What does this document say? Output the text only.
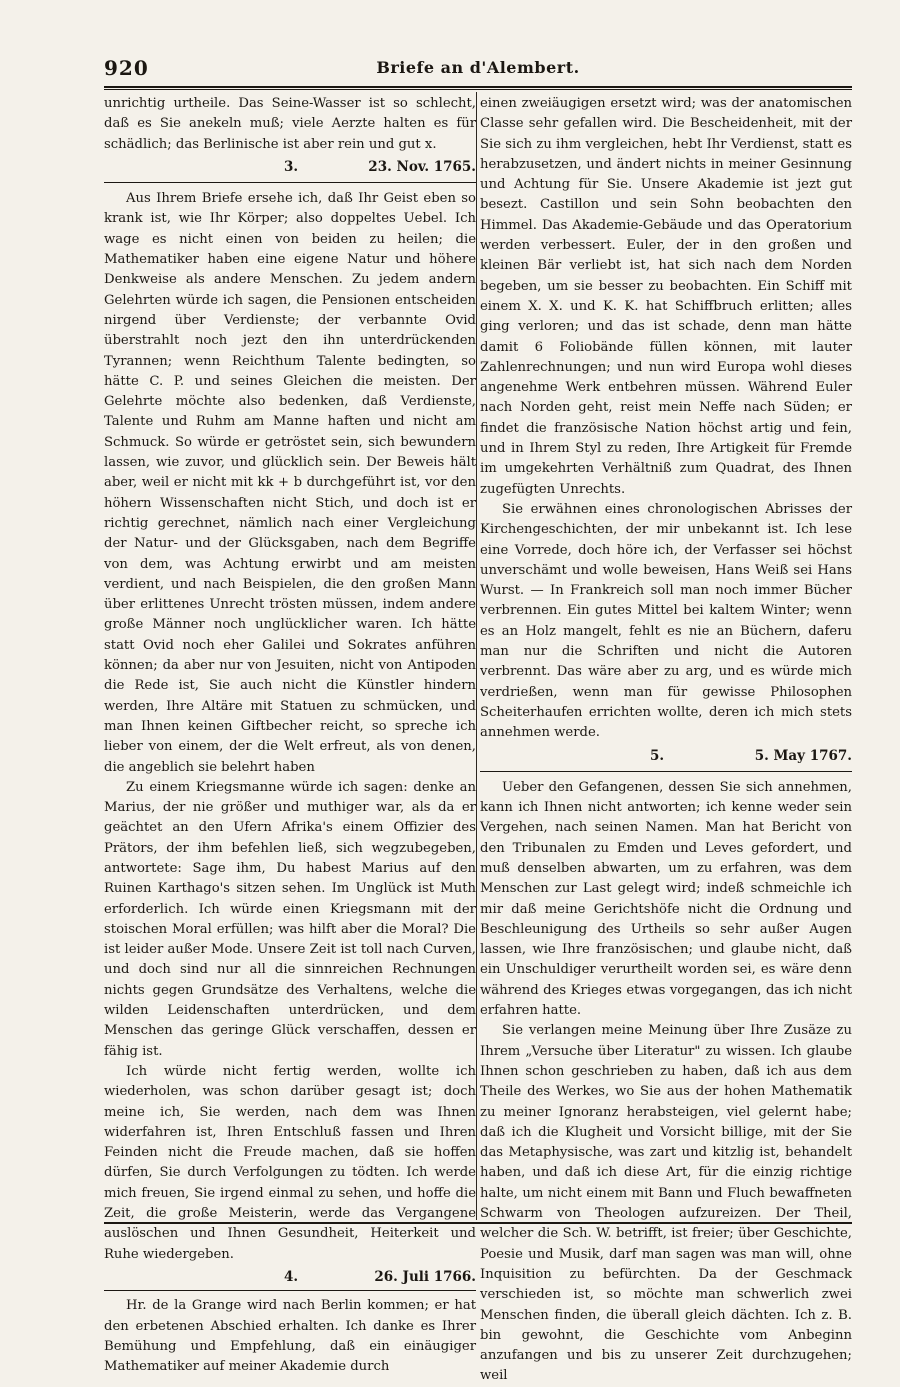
920	Briefe an d'Alembert.

unrichtig urtheile. Das Seine-Wasser ist so schlecht, daß es Sie anekeln muß; viele Aerzte halten es für schädlich; das Berlinische ist aber rein und gut x.

3.	23. Nov. 1765.

Aus Ihrem Briefe ersehe ich, daß Ihr Geist eben so krank ist, wie Ihr Körper; also doppeltes Uebel. Ich wage es nicht einen von beiden zu heilen; die Mathematiker haben eine eigene Natur und höhere Denkweise als andere Menschen. Zu jedem andern Gelehrten würde ich sagen, die Pensionen entscheiden nirgend über Verdienste; der verbannte Ovid überstrahlt noch jezt den ihn unterdrückenden Tyrannen; wenn Reichthum Talente bedingten, so hätte C. P. und seines Gleichen die meisten. Der Gelehrte möchte also bedenken, daß Verdienste, Talente und Ruhm am Manne haften und nicht am Schmuck. So würde er getröstet sein, sich bewundern lassen, wie zuvor, und glücklich sein. Der Beweis hält aber, weil er nicht mit kk + b durchgeführt ist, vor den höhern Wissenschaften nicht Stich, und doch ist er richtig gerechnet, nämlich nach einer Vergleichung der Natur- und der Glücksgaben, nach dem Begriffe von dem, was Achtung erwirbt und am meisten verdient, und nach Beispielen, die den großen Mann über erlittenes Unrecht trösten müssen, indem andere große Männer noch unglücklicher waren. Ich hätte statt Ovid noch eher Galilei und Sokrates anführen können; da aber nur von Jesuiten, nicht von Antipoden die Rede ist, Sie auch nicht die Künstler hindern werden, Ihre Altäre mit Statuen zu schmücken, und man Ihnen keinen Giftbecher reicht, so spreche ich lieber von einem, der die Welt erfreut, als von denen, die angeblich sie belehrt haben

Zu einem Kriegsmanne würde ich sagen: denke an Marius, der nie größer und muthiger war, als da er geächtet an den Ufern Afrika's einem Offizier des Prätors, der ihm befehlen ließ, sich wegzubegeben, antwortete: Sage ihm, Du habest Marius auf den Ruinen Karthago's sitzen sehen. Im Unglück ist Muth erforderlich. Ich würde einen Kriegsmann mit der stoischen Moral erfüllen; was hilft aber die Moral? Die ist leider außer Mode. Unsere Zeit ist toll nach Curven, und doch sind nur all die sinnreichen Rechnungen nichts gegen Grundsätze des Verhaltens, welche die wilden Leidenschaften unterdrücken, und dem Menschen das geringe Glück verschaffen, dessen er fähig ist.

Ich würde nicht fertig werden, wollte ich wiederholen, was schon darüber gesagt ist; doch meine ich, Sie werden, nach dem was Ihnen widerfahren ist, Ihren Entschluß fassen und Ihren Feinden nicht die Freude machen, daß sie hoffen dürfen, Sie durch Verfolgungen zu tödten. Ich werde mich freuen, Sie irgend einmal zu sehen, und hoffe die Zeit, die große Meisterin, werde das Vergangene auslöschen und Ihnen Gesundheit, Heiterkeit und Ruhe wiedergeben.

4.	26. Juli 1766.

Hr. de la Grange wird nach Berlin kommen; er hat den erbetenen Abschied erhalten. Ich danke es Ihrer Bemühung und Empfehlung, daß ein einäugiger Mathematiker auf meiner Akademie durch

einen zweiäugigen ersetzt wird; was der anatomischen Classe sehr gefallen wird. Die Bescheidenheit, mit der Sie sich zu ihm vergleichen, hebt Ihr Verdienst, statt es herabzusetzen, und ändert nichts in meiner Gesinnung und Achtung für Sie. Unsere Akademie ist jezt gut besezt. Castillon und sein Sohn beobachten den Himmel. Das Akademie-Gebäude und das Operatorium werden verbessert. Euler, der in den großen und kleinen Bär verliebt ist, hat sich nach dem Norden begeben, um sie besser zu beobachten. Ein Schiff mit einem X. X. und K. K. hat Schiffbruch erlitten; alles ging verloren; und das ist schade, denn man hätte damit 6 Foliobände füllen können, mit lauter Zahlenrechnungen; und nun wird Europa wohl dieses angenehme Werk entbehren müssen. Während Euler nach Norden geht, reist mein Neffe nach Süden; er findet die französische Nation höchst artig und fein, und in Ihrem Styl zu reden, Ihre Artigkeit für Fremde im umgekehrten Verhältniß zum Quadrat, des Ihnen zugefügten Unrechts.

Sie erwähnen eines chronologischen Abrisses der Kirchengeschichten, der mir unbekannt ist. Ich lese eine Vorrede, doch höre ich, der Verfasser sei höchst unverschämt und wolle beweisen, Hans Weiß sei Hans Wurst. — In Frankreich soll man noch immer Bücher verbrennen. Ein gutes Mittel bei kaltem Winter; wenn es an Holz mangelt, fehlt es nie an Büchern, daferu man nur die Schriften und nicht die Autoren verbrennt. Das wäre aber zu arg, und es würde mich verdrießen, wenn man für gewisse Philosophen Scheiterhaufen errichten wollte, deren ich mich stets annehmen werde.

5.	5. May 1767.

Ueber den Gefangenen, dessen Sie sich annehmen, kann ich Ihnen nicht antworten; ich kenne weder sein Vergehen, nach seinen Namen. Man hat Bericht von den Tribunalen zu Emden und Leves gefordert, und muß denselben abwarten, um zu erfahren, was dem Menschen zur Last gelegt wird; indeß schmeichle ich mir daß meine Gerichtshöfe nicht die Ordnung und Beschleunigung des Urtheils so sehr außer Augen lassen, wie Ihre französischen; und glaube nicht, daß ein Unschuldiger verurtheilt worden sei, es wäre denn während des Krieges etwas vorgegangen, das ich nicht erfahren hatte.

Sie verlangen meine Meinung über Ihre Zusäze zu Ihrem „Versuche über Literatur" zu wissen. Ich glaube Ihnen schon geschrieben zu haben, daß ich aus dem Theile des Werkes, wo Sie aus der hohen Mathematik zu meiner Ignoranz herabsteigen, viel gelernt habe; daß ich die Klugheit und Vorsicht billige, mit der Sie das Metaphysische, was zart und kitzlig ist, behandelt haben, und daß ich diese Art, für die einzig richtige halte, um nicht einem mit Bann und Fluch bewaffneten Schwarm von Theologen aufzureizen. Der Theil, welcher die Sch. W. betrifft, ist freier; über Geschichte, Poesie und Musik, darf man sagen was man will, ohne Inquisition zu befürchten. Da der Geschmack verschieden ist, so möchte man schwerlich zwei Menschen finden, die überall gleich dächten. Ich z. B. bin gewohnt, die Geschichte vom Anbeginn anzufangen und bis zu unserer Zeit durchzugehen; weil
